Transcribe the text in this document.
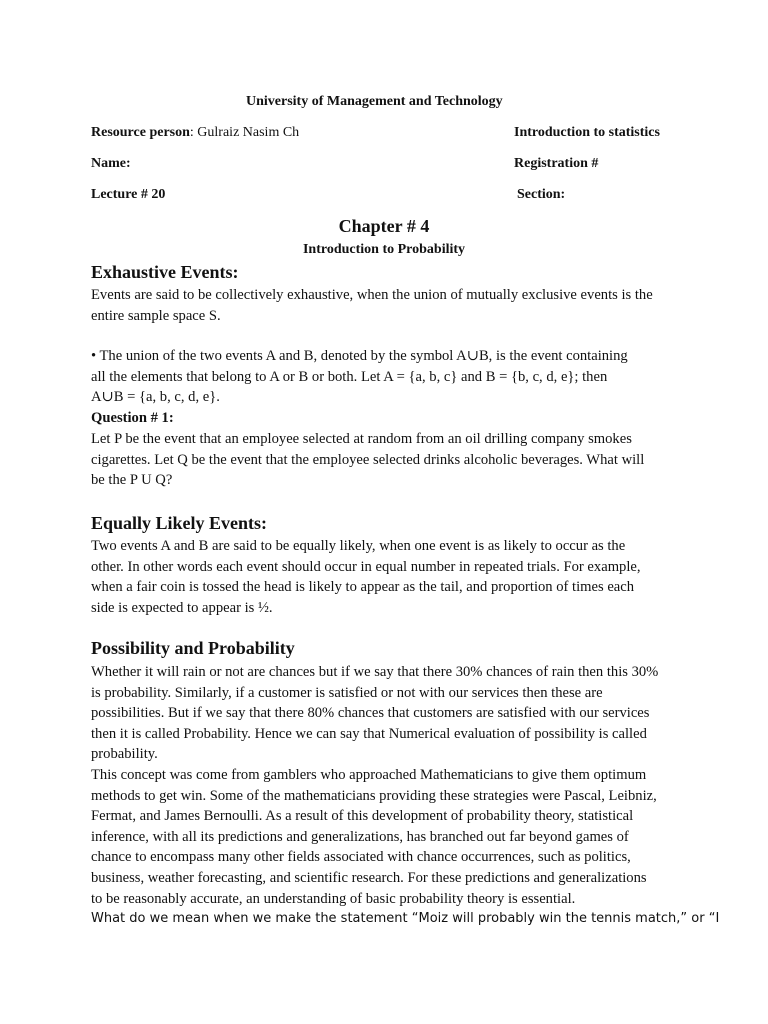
University of Management and Technology
Resource person: Gulraiz Nasim Ch	Introduction to statistics
Name:	Registration #
Lecture # 20	Section:
Chapter # 4
Introduction to Probability
Exhaustive Events:
Events are said to be collectively exhaustive, when the union of mutually exclusive events is the
entire sample space S.
• The union of the two events A and B, denoted by the symbol A∪B, is the event containing
all the elements that belong to A or B or both. Let A = {a, b, c} and B = {b, c, d, e}; then
A∪B = {a, b, c, d, e}.
Question # 1:
Let P be the event that an employee selected at random from an oil drilling company smokes
cigarettes. Let Q be the event that the employee selected drinks alcoholic beverages. What will
be the P U Q?
Equally Likely Events:
Two events A and B are said to be equally likely, when one event is as likely to occur as the
other. In other words each event should occur in equal number in repeated trials. For example,
when a fair coin is tossed the head is likely to appear as the tail, and proportion of times each
side is expected to appear is ½.
Possibility and Probability
Whether it will rain or not are chances but if we say that there 30% chances of rain then this 30%
is probability. Similarly, if a customer is satisfied or not with our services then these are
possibilities. But if we say that there 80% chances that customers are satisfied with our services
then it is called Probability. Hence we can say that Numerical evaluation of possibility is called
probability.
This concept was come from gamblers who approached Mathematicians to give them optimum
methods to get win. Some of the mathematicians providing these strategies were Pascal, Leibniz,
Fermat, and James Bernoulli. As a result of this development of probability theory, statistical
inference, with all its predictions and generalizations, has branched out far beyond games of
chance to encompass many other fields associated with chance occurrences, such as politics,
business, weather forecasting, and scientific research. For these predictions and generalizations
to be reasonably accurate, an understanding of basic probability theory is essential.
What do we mean when we make the statement “Moiz will probably win the tennis match,” or “I
